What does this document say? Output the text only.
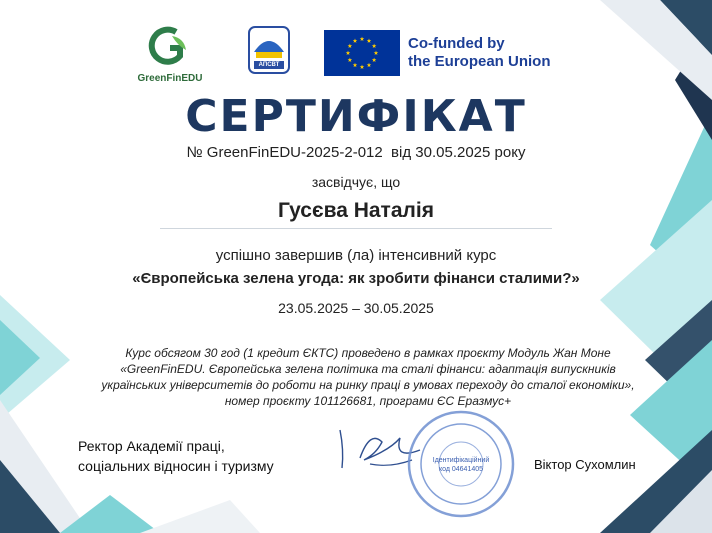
GreenFinEDU
АПСВТ
Co-funded by
the European Union
СЕРТИФІКАТ
№ GreenFinEDU-2025-2-012  від 30.05.2025 року
засвідчує, що
Гусєва Наталія
успішно завершив (ла) інтенсивний курс
«Європейська зелена угода: як зробити фінанси сталими?»
23.05.2025 – 30.05.2025
Курс обсягом 30 год (1 кредит ЄКТС) проведено в рамках проєкту Модуль Жан Моне «GreenFinEDU. Європейська зелена політика та сталі фінанси: адаптація випускників українських університетів до роботи на ринку праці в умовах переходу до сталої економіки», номер проєкту 101126681, програми ЄС Еразмус+
Ректор Академії праці,
соціальних відносин і туризму	Ідентифікаційний
код 04641405	Віктор Сухомлин
